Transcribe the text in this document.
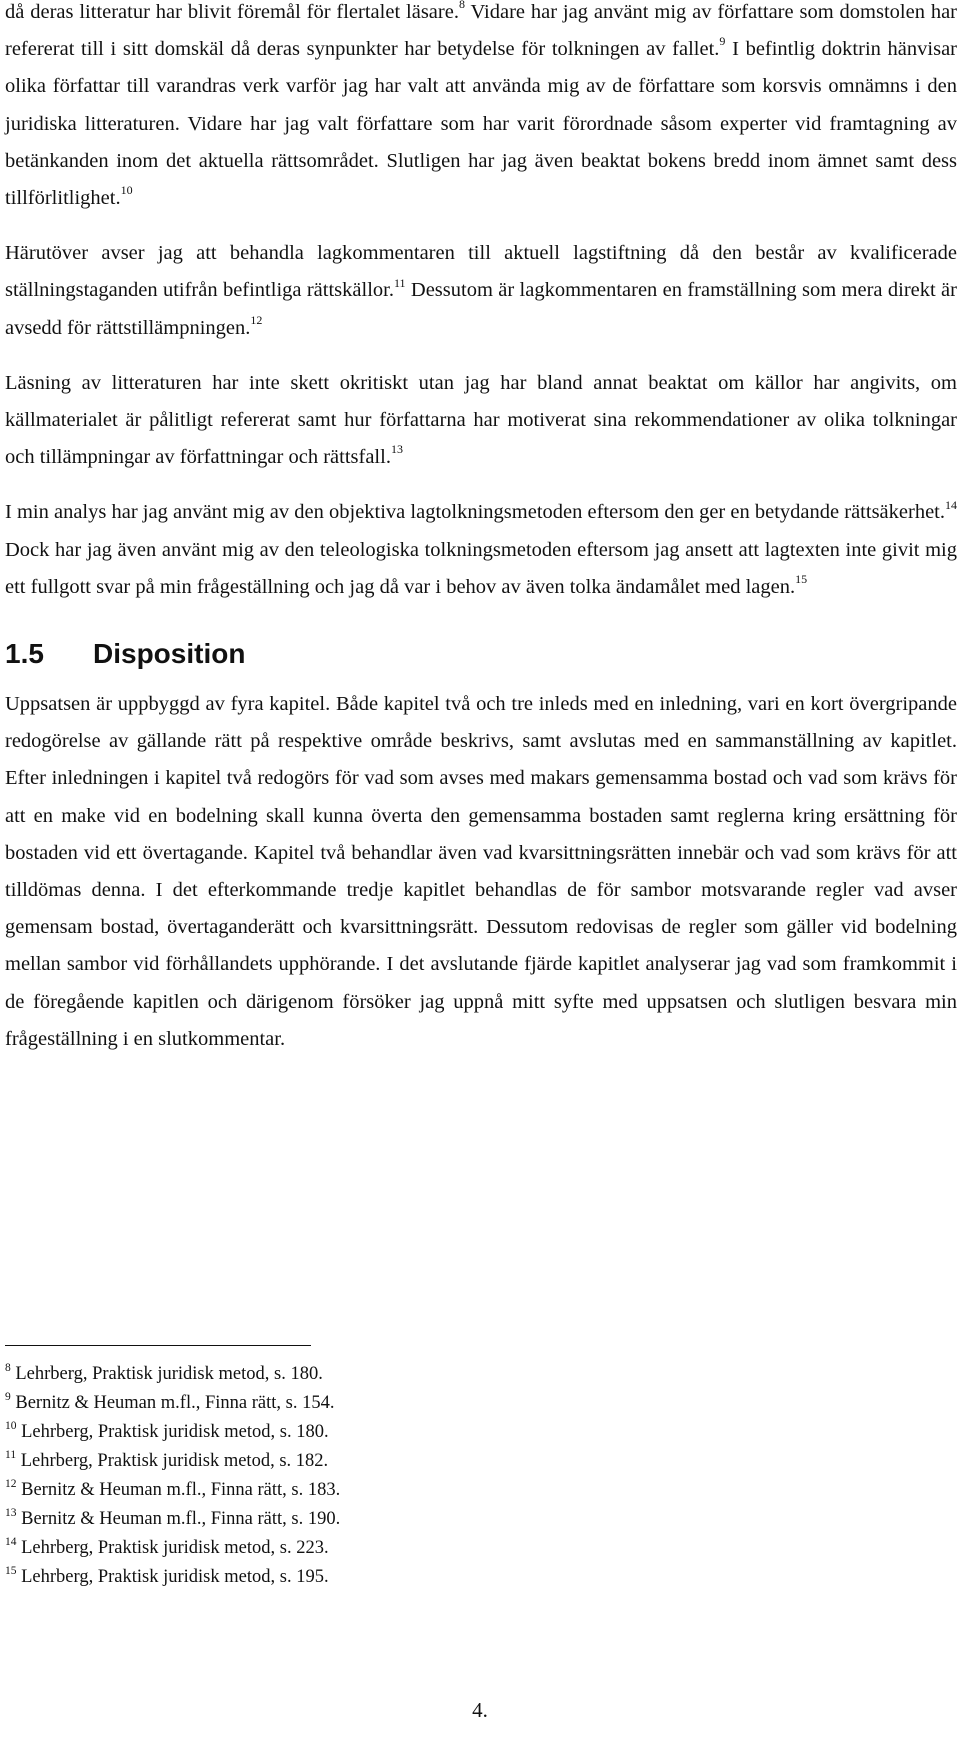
då deras litteratur har blivit föremål för flertalet läsare.$^8$ Vidare har jag använt mig av författare som domstolen har refererat till i sitt domskäl då deras synpunkter har betydelse för tolkningen av fallet.$^9$ I befintlig doktrin hänvisar olika författar till varandras verk varför jag har valt att använda mig av de författare som korsvis omnämns i den juridiska litteraturen. Vidare har jag valt författare som har varit förordnade såsom experter vid framtagning av betänkanden inom det aktuella rättsområdet. Slutligen har jag även beaktat bokens bredd inom ämnet samt dess tillförlitlighet.$^{10}$

Härutöver avser jag att behandla lagkommentaren till aktuell lagstiftning då den består av kvalificerade ställningstaganden utifrån befintliga rättskällor.$^{11}$ Dessutom är lagkommentaren en framställning som mera direkt är avsedd för rättstillämpningen.$^{12}$

Läsning av litteraturen har inte skett okritiskt utan jag har bland annat beaktat om källor har angivits, om källmaterialet är pålitligt refererat samt hur författarna har motiverat sina rekommendationer av olika tolkningar och tillämpningar av författningar och rättsfall.$^{13}$

I min analys har jag använt mig av den objektiva lagtolkningsmetoden eftersom den ger en betydande rättsäkerhet.$^{14}$ Dock har jag även använt mig av den teleologiska tolkningsmetoden eftersom jag ansett att lagtexten inte givit mig ett fullgott svar på min frågeställning och jag då var i behov av även tolka ändamålet med lagen.$^{15}$

1.5 Disposition

Uppsatsen är uppbyggd av fyra kapitel. Både kapitel två och tre inleds med en inledning, vari en kort övergripande redogörelse av gällande rätt på respektive område beskrivs, samt avslutas med en sammanställning av kapitlet. Efter inledningen i kapitel två redogörs för vad som avses med makars gemensamma bostad och vad som krävs för att en make vid en bodelning skall kunna överta den gemensamma bostaden samt reglerna kring ersättning för bostaden vid ett övertagande. Kapitel två behandlar även vad kvarsittningsrätten innebär och vad som krävs för att tilldömas denna. I det efterkommande tredje kapitlet behandlas de för sambor motsvarande regler vad avser gemensam bostad, övertaganderätt och kvarsittningsrätt. Dessutom redovisas de regler som gäller vid bodelning mellan sambor vid förhållandets upphörande. I det avslutande fjärde kapitlet analyserar jag vad som framkommit i de föregående kapitlen och därigenom försöker jag uppnå mitt syfte med uppsatsen och slutligen besvara min frågeställning i en slutkommentar.

$^8$ Lehrberg, Praktisk juridisk metod, s. 180.

$^9$ Bernitz & Heuman m.fl., Finna rätt, s. 154.

$^{10}$ Lehrberg, Praktisk juridisk metod, s. 180.

$^{11}$ Lehrberg, Praktisk juridisk metod, s. 182.

$^{12}$ Bernitz & Heuman m.fl., Finna rätt, s. 183.

$^{13}$ Bernitz & Heuman m.fl., Finna rätt, s. 190.

$^{14}$ Lehrberg, Praktisk juridisk metod, s. 223.

$^{15}$ Lehrberg, Praktisk juridisk metod, s. 195.

4.
